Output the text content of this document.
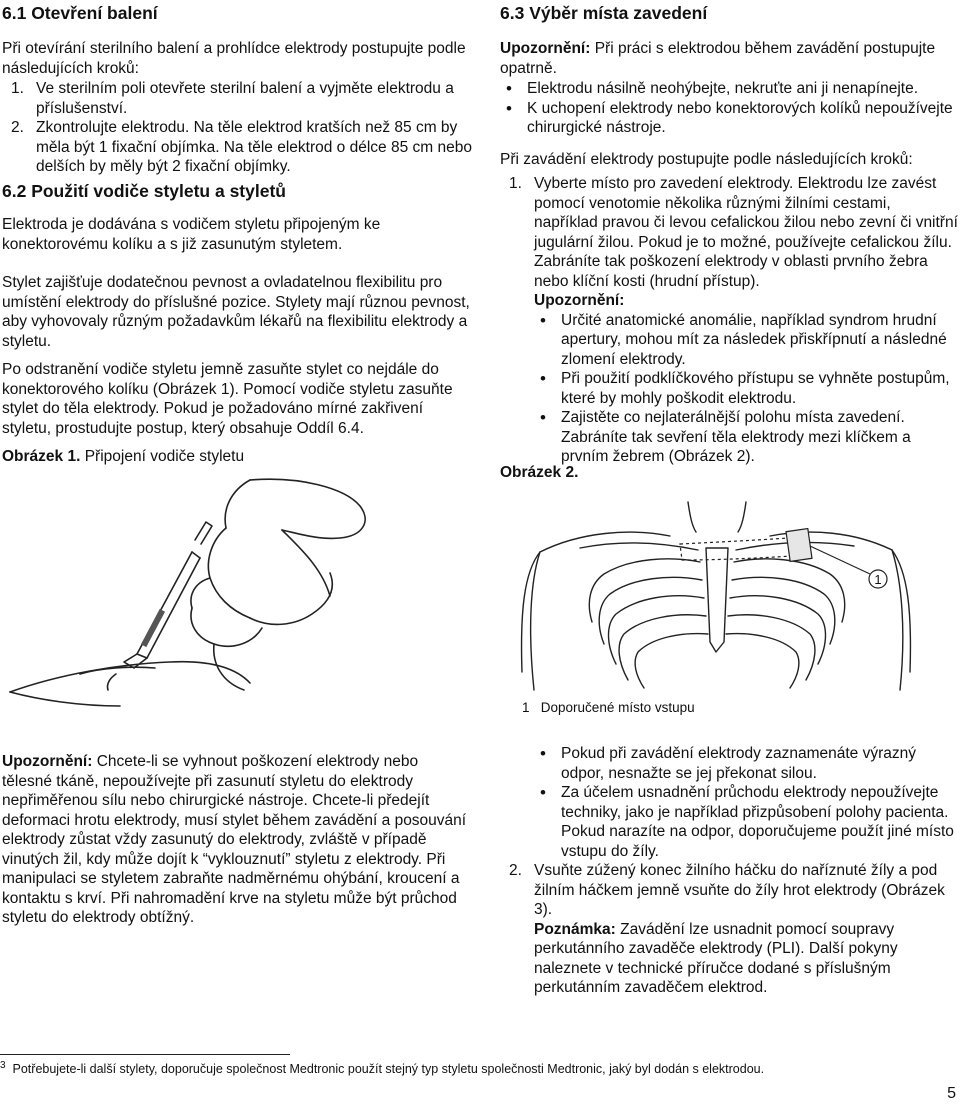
6.1 Otevření balení

Při otevírání sterilního balení a prohlídce elektrody postupujte podle následujících kroků:

1. Ve sterilním poli otevřete sterilní balení a vyjměte elektrodu a příslušenství.
2. Zkontrolujte elektrodu. Na těle elektrod kratších než 85 cm by měla být 1 fixační objímka. Na těle elektrod o délce 85 cm nebo delších by měly být 2 fixační objímky.
6.2 Použití vodiče styletu a styletů

Elektroda je dodávána s vodičem styletu připojeným ke konektorovému kolíku a s již zasunutým styletem.

Stylet zajišťuje dodatečnou pevnost a ovladatelnou flexibilitu pro umístění elektrody do příslušné pozice. Stylety mají různou pevnost, aby vyhovovaly různým požadavkům lékařů na flexibilitu elektrody a styletu.

Po odstranění vodiče styletu jemně zasuňte stylet co nejdále do konektorového kolíku (Obrázek 1). Pomocí vodiče styletu zasuňte stylet do těla elektrody. Pokud je požadováno mírné zakřivení styletu, prostudujte postup, který obsahuje Oddíl 6.4.

Obrázek 1. Připojení vodiče styletu

Upozornění: Chcete-li se vyhnout poškození elektrody nebo tělesné tkáně, nepoužívejte při zasunutí styletu do elektrody nepřiměřenou sílu nebo chirurgické nástroje. Chcete-li předejít deformaci hrotu elektrody, musí stylet během zavádění a posouvání elektrody zůstat vždy zasunutý do elektrody, zvláště v případě vinutých žil, kdy může dojít k “vyklouznutí” styletu z elektrody. Při manipulaci se styletem zabraňte nadměrnému ohýbání, kroucení a kontaktu s krví. Při nahromadění krve na styletu může být průchod styletu do elektrody obtížný.

6.3 Výběr místa zavedení

Upozornění: Při práci s elektrodou během zavádění postupujte opatrně.

• Elektrodu násilně neohýbejte, nekruťte ani ji nenapínejte.
• K uchopení elektrody nebo konektorových kolíků nepoužívejte chirurgické nástroje.

Při zavádění elektrody postupujte podle následujících kroků:

1. Vyberte místo pro zavedení elektrody. Elektrodu lze zavést pomocí venotomie několika různými žilními cestami, například pravou či levou cefalickou žilou nebo zevní či vnitřní jugulární žilou. Pokud je to možné, používejte cefalickou žílu. Zabráníte tak poškození elektrody v oblasti prvního žebra nebo klíční kosti (hrudní přístup).

Upozornění:

• Určité anatomické anomálie, například syndrom hrudní apertury, mohou mít za následek přiskřípnutí a následné zlomení elektrody.
• Při použití podklíčkového přístupu se vyhněte postupům, které by mohly poškodit elektrodu.
• Zajistěte co nejlaterálnější polohu místa zavedení. Zabráníte tak sevření těla elektrody mezi klíčkem a prvním žebrem (Obrázek 2).

Obrázek 2.

1

1 Doporučené místo vstupu

• Pokud při zavádění elektrody zaznamenáte výrazný odpor, nesnažte se jej překonat silou.
• Za účelem usnadnění průchodu elektrody nepoužívejte techniky, jako je například přizpůsobení polohy pacienta. Pokud narazíte na odpor, doporučujeme použít jiné místo vstupu do žíly.
2. Vsuňte zúžený konec žilního háčku do naříznuté žíly a pod žilním háčkem jemně vsuňte do žíly hrot elektrody (Obrázek 3).

Poznámka: Zavádění lze usnadnit pomocí soupravy perkutánního zavaděče elektrody (PLI). Další pokyny naleznete v technické příručce dodané s příslušným perkutánním zavaděčem elektrod.

$^3$ Potřebujete-li další stylety, doporučuje společnost Medtronic použít stejný typ styletu společnosti Medtronic, jaký byl dodán s elektrodou.

5
